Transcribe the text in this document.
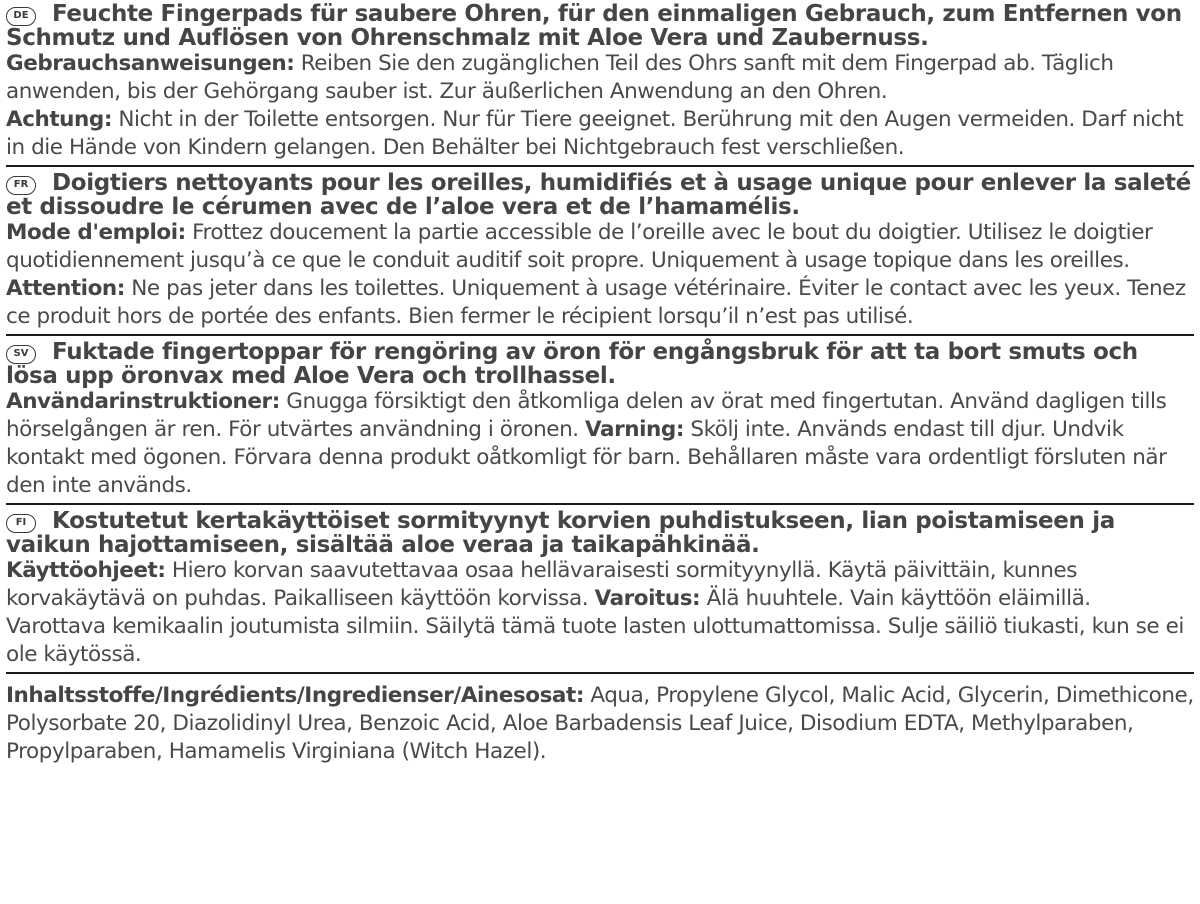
DE Feuchte Fingerpads für saubere Ohren, für den einmaligen Gebrauch, zum Entfernen von Schmutz und Auflösen von Ohrenschmalz mit Aloe Vera und Zaubernuss.

Gebrauchsanweisungen: Reiben Sie den zugänglichen Teil des Ohrs sanft mit dem Fingerpad ab. Täglich anwenden, bis der Gehörgang sauber ist. Zur äußerlichen Anwendung an den Ohren.

Achtung: Nicht in der Toilette entsorgen. Nur für Tiere geeignet. Berührung mit den Augen vermeiden. Darf nicht in die Hände von Kindern gelangen. Den Behälter bei Nichtgebrauch fest verschließen.

FR Doigtiers nettoyants pour les oreilles, humidifiés et à usage unique pour enlever la saleté et dissoudre le cérumen avec de l’aloe vera et de l’hamamélis.

Mode d'emploi: Frottez doucement la partie accessible de l’oreille avec le bout du doigtier. Utilisez le doigtier quotidiennement jusqu’à ce que le conduit auditif soit propre. Uniquement à usage topique dans les oreilles. Attention: Ne pas jeter dans les toilettes. Uniquement à usage vétérinaire. Éviter le contact avec les yeux. Tenez ce produit hors de portée des enfants. Bien fermer le récipient lorsqu’il n’est pas utilisé.

SV Fuktade fingertoppar för rengöring av öron för engångsbruk för att ta bort smuts och lösa upp öronvax med Aloe Vera och trollhassel.

Användarinstruktioner: Gnugga försiktigt den åtkomliga delen av örat med fingertutan. Använd dagligen tills hörselgången är ren. För utvärtes användning i öronen. Varning: Skölj inte. Används endast till djur. Undvik kontakt med ögonen. Förvara denna produkt oåtkomligt för barn. Behållaren måste vara ordentligt försluten när den inte används.

FI Kostutetut kertakäyttöiset sormityynyt korvien puhdistukseen, lian poistamiseen ja vaikun hajottamiseen, sisältää aloe veraa ja taikapähkinää.

Käyttöohjeet: Hiero korvan saavutettavaa osaa hellävaraisesti sormityynyllä. Käytä päivittäin, kunnes korvakäytävä on puhdas. Paikalliseen käyttöön korvissa. Varoitus: Älä huuhtele. Vain käyttöön eläimillä. Varottava kemikaalin joutumista silmiin. Säilytä tämä tuote lasten ulottumattomissa. Sulje säiliö tiukasti, kun se ei ole käytössä.

Inhaltsstoffe/Ingrédients/Ingredienser/Ainesosat: Aqua, Propylene Glycol, Malic Acid, Glycerin, Dimethicone, Polysorbate 20, Diazolidinyl Urea, Benzoic Acid, Aloe Barbadensis Leaf Juice, Disodium EDTA, Methylparaben, Propylparaben, Hamamelis Virginiana (Witch Hazel).
